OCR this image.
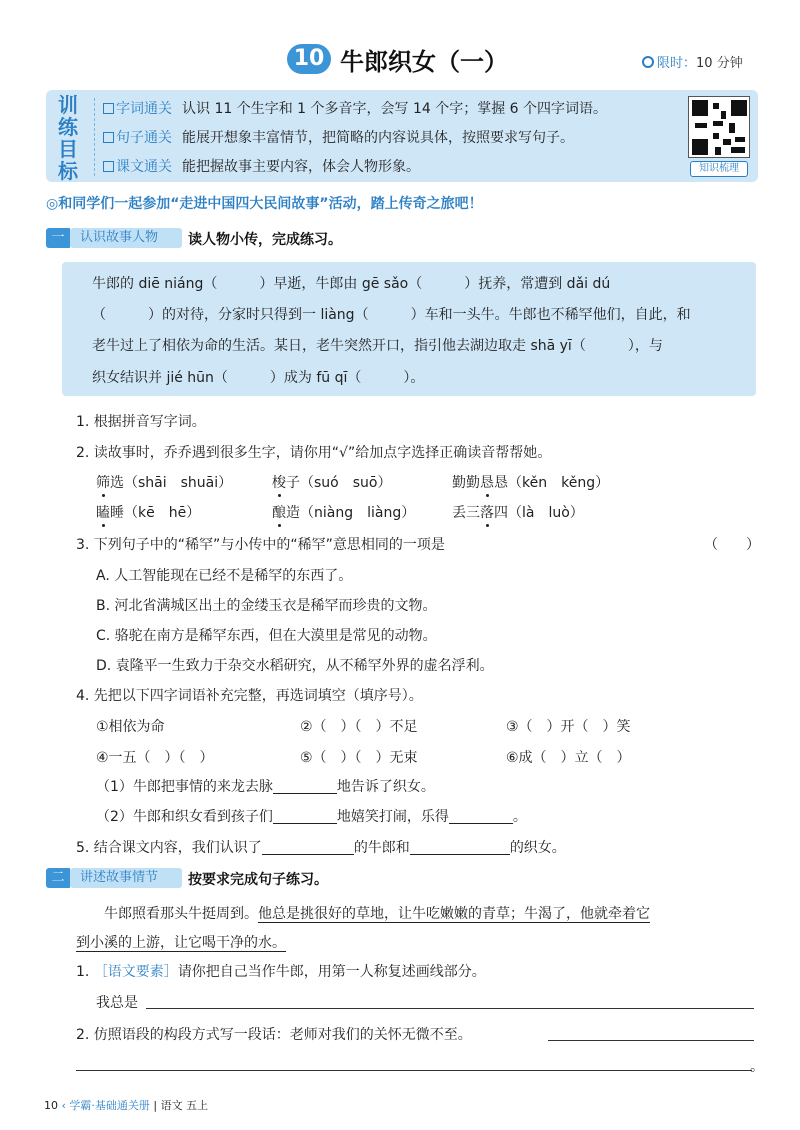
10 牛郎织女（一）	限时：10 分钟
训练目标
字词通关 认识 11 个生字和 1 个多音字，会写 14 个字；掌握 6 个四字词语。
句子通关 能展开想象丰富情节，把简略的内容说具体，按照要求写句子。
课文通关 能把握故事主要内容，体会人物形象。	知识梳理
◎和同学们一起参加“走进中国四大民间故事”活动，踏上传奇之旅吧！
一	认识故事人物	读人物小传，完成练习。
牛郎的 diē niáng（　　　）早逝，牛郎由 gē sǎo（　　　）抚养，常遭到 dǎi dú
（　　　）的对待，分家时只得到一 liàng（　　　）车和一头牛。牛郎也不稀罕他们，自此，和
老牛过上了相依为命的生活。某日，老牛突然开口，指引他去湖边取走 shā yī（　　　），与
织女结识并 jié hūn（　　　）成为 fū qī（　　　）。
1. 根据拼音写字词。
2. 读故事时，乔乔遇到很多生字，请你用“√”给加点字选择正确读音帮帮她。
筛选（shāi　shuāi）	梭子（suó　suō）	勤勤恳恳（kěn　kěng）
瞌睡（kē　hē）	酿造（niàng　liàng）	丢三落四（là　luò）
3. 下列句子中的“稀罕”与小传中的“稀罕”意思相同的一项是	（　　）
A. 人工智能现在已经不是稀罕的东西了。
B. 河北省满城区出土的金缕玉衣是稀罕而珍贵的文物。
C. 骆驼在南方是稀罕东西，但在大漠里是常见的动物。
D. 袁隆平一生致力于杂交水稻研究，从不稀罕外界的虚名浮利。
4. 先把以下四字词语补充完整，再选词填空（填序号）。
①相依为命	②（　）（　）不足	③（　）开（　）笑
④一五（　）（　）	⑤（　）（　）无束	⑥成（　）立（　）
（1）牛郎把事情的来龙去脉	地告诉了织女。
（2）牛郎和织女看到孩子们	地嬉笑打闹，乐得	。
5. 结合课文内容，我们认识了	的牛郎和	的织女。
二	讲述故事情节	按要求完成句子练习。
牛郎照看那头牛挺周到。他总是挑很好的草地，让牛吃嫩嫩的青草；牛渴了，他就牵着它
到小溪的上游，让它喝干净的水。
1. ［语文要素］请你把自己当作牛郎，用第一人称复述画线部分。
我总是
2. 仿照语段的构段方式写一段话：老师对我们的关怀无微不至。
。
10 ‹ 学霸·基础通关册 | 语文 五上
